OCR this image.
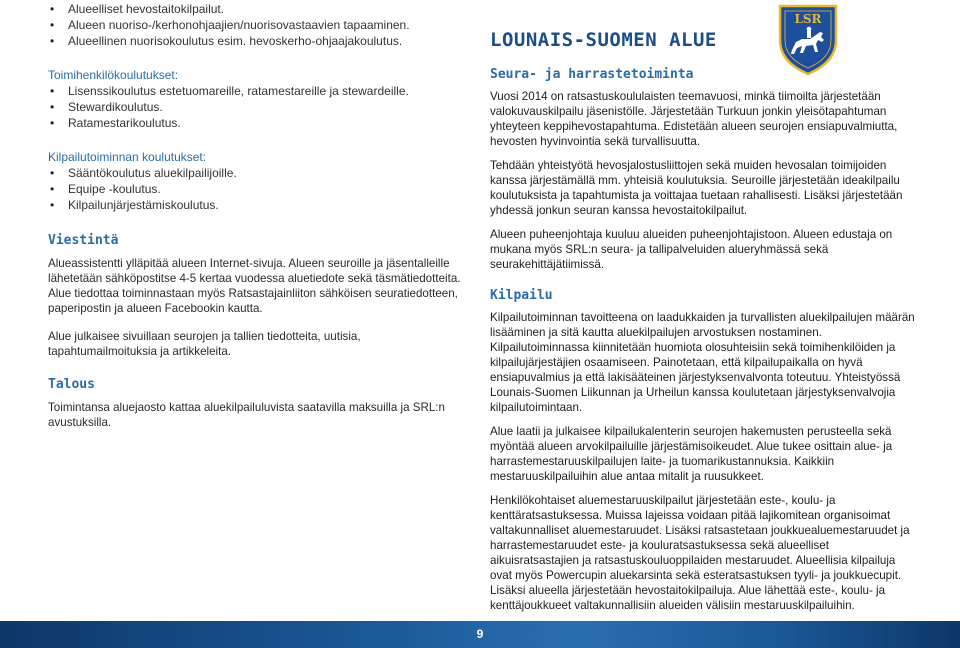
• Alueelliset hevostaitokilpailut.
• Alueen nuoriso-/kerhonohjaajien/nuorisovastaavien tapaaminen.
• Alueellinen nuorisokoulutus esim. hevoskerho-ohjaajakoulutus.
Toimihenkilökoulutukset:
• Lisenssikoulutus estetuomareille, ratamestareille ja stewardeille.
• Stewardikoulutus.
• Ratamestarikoulutus.
Kilpailutoiminnan koulutukset:
• Sääntökoulutus aluekilpailijoille.
• Equipe -koulutus.
• Kilpailunjärjestämiskoulutus.
Viestintä

Alueassistentti ylläpitää alueen Internet-sivuja. Alueen seuroille ja jäsentalleille lähetetään sähköpostitse 4-5 kertaa vuodessa aluetiedote sekä täsmätiedotteita. Alue tiedottaa toiminnastaan myös Ratsastajainliiton sähköisen seuratiedotteen, paperipostin ja alueen Facebookin kautta.

Alue julkaisee sivuillaan seurojen ja tallien tiedotteita, uutisia, tapahtumailmoituksia ja artikkeleita.

Talous

Toimintansa aluejaosto kattaa aluekilpailuluvista saatavilla maksuilla ja SRL:n avustuksilla.

LOUNAIS-SUOMEN ALUE
Seura- ja harrastetoiminta

Vuosi 2014 on ratsastuskoululaisten teemavuosi, minkä tiimoilta järjestetään valokuvauskilpailu jäsenistölle. Järjestetään Turkuun jonkin yleisötapahtuman yhteyteen keppihevostapahtuma. Edistetään alueen seurojen ensiapuvalmiutta, hevosten hyvinvointia sekä turvallisuutta.

Tehdään yhteistyötä hevosjalostusliittojen sekä muiden hevosalan toimijoiden kanssa järjestämällä mm. yhteisiä koulutuksia. Seuroille järjestetään ideakilpailu koulutuksista ja tapahtumista ja voittajaa tuetaan rahallisesti. Lisäksi järjestetään yhdessä jonkun seuran kanssa hevostaitokilpailut.

Alueen puheenjohtaja kuuluu alueiden puheenjohtajistoon. Alueen edustaja on mukana myös SRL:n seura- ja tallipalveluiden alueryhmässä sekä seurakehittäjätiimissä.

Kilpailu

Kilpailutoiminnan tavoitteena on laadukkaiden ja turvallisten aluekilpailujen määrän lisääminen ja sitä kautta aluekilpailujen arvostuksen nostaminen. Kilpailutoiminnassa kiinnitetään huomiota olosuhteisiin sekä toimihenkilöiden ja kilpailujärjestäjien osaamiseen. Painotetaan, että kilpailupaikalla on hyvä ensiapuvalmius ja että lakisääteinen järjestyksenvalvonta toteutuu. Yhteistyössä Lounais-Suomen Liikunnan ja Urheilun kanssa koulutetaan järjestyksenvalvojia kilpailutoimintaan.

Alue laatii ja julkaisee kilpailukalenterin seurojen hakemusten perusteella sekä myöntää alueen arvokilpailuille järjestämisoikeudet. Alue tukee osittain alue- ja harrastemestaruuskilpailujen laite- ja tuomarikustannuksia. Kaikkiin mestaruuskilpailuihin alue antaa mitalit ja ruusukkeet.

Henkilökohtaiset aluemestaruuskilpailut järjestetään este-, koulu- ja kenttäratsastuksessa. Muissa lajeissa voidaan pitää lajikomitean organisoimat valtakunnalliset aluemestaruudet. Lisäksi ratsastetaan joukkuealuemestaruudet ja harrastemestaruudet este- ja kouluratsastuksessa sekä alueelliset aikuisratsastajien ja ratsastuskouluoppilaiden mestaruudet. Alueellisia kilpailuja ovat myös Powercupin aluekarsinta sekä esteratsastuksen tyyli- ja joukkuecupit. Lisäksi alueella järjestetään hevostaitokilpailuja. Alue lähettää este-, koulu- ja kenttäjoukkueet valtakunnallisiin alueiden välisiin mestaruuskilpailuihin.

LSR
9
